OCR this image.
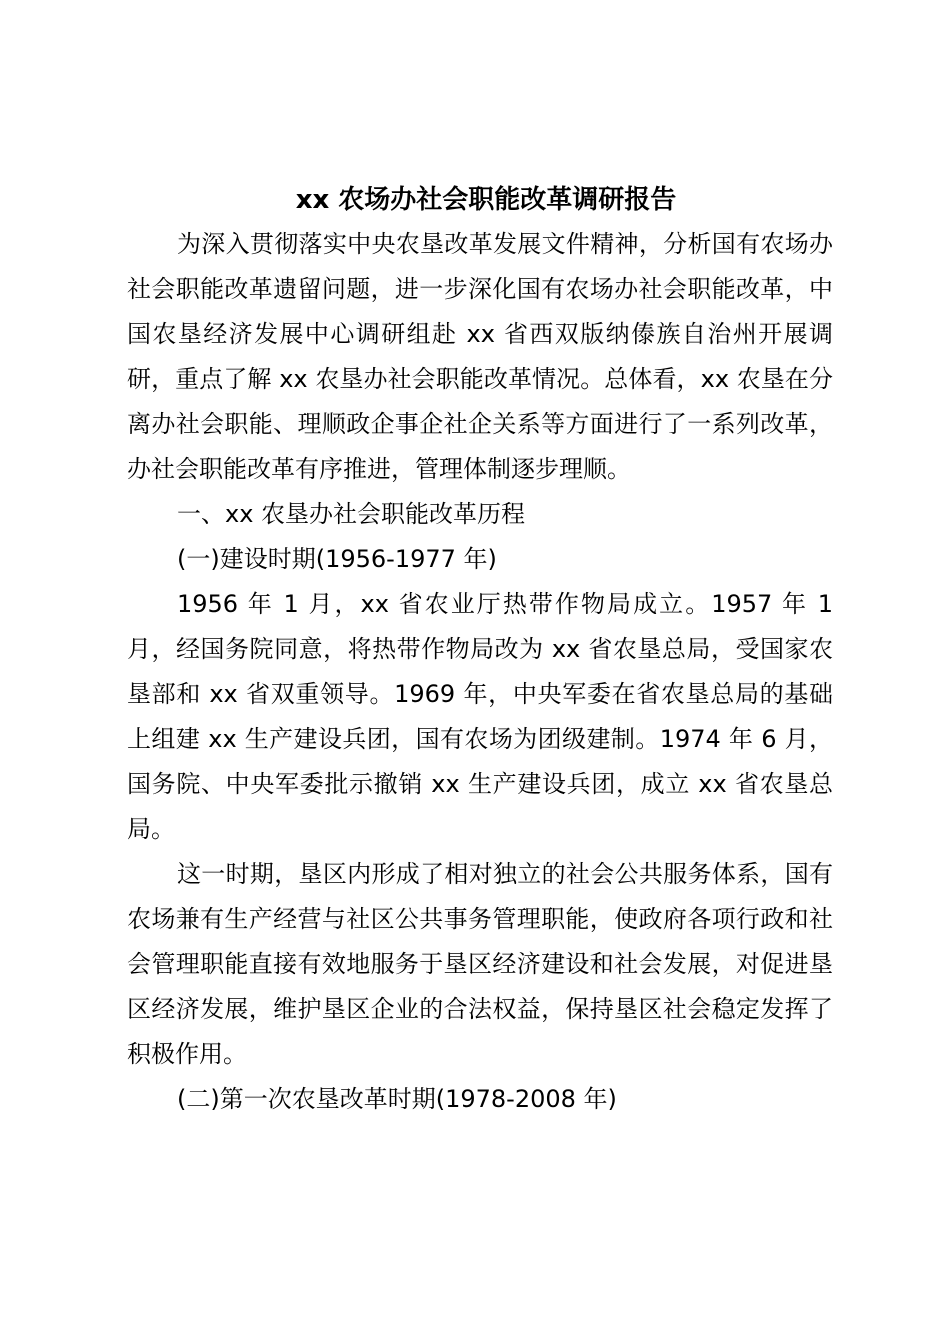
xx 农场办社会职能改革调研报告

为深入贯彻落实中央农垦改革发展文件精神，分析国有农场办社会职能改革遗留问题，进一步深化国有农场办社会职能改革，中国农垦经济发展中心调研组赴 xx 省西双版纳傣族自治州开展调研，重点了解 xx 农垦办社会职能改革情况。总体看，xx 农垦在分离办社会职能、理顺政企事企社企关系等方面进行了一系列改革，办社会职能改革有序推进，管理体制逐步理顺。

一、xx 农垦办社会职能改革历程

(一)建设时期(1956-1977 年)

1956 年 1 月，xx 省农业厅热带作物局成立。1957 年 1 月，经国务院同意，将热带作物局改为 xx 省农垦总局，受国家农垦部和 xx 省双重领导。1969 年，中央军委在省农垦总局的基础上组建 xx 生产建设兵团，国有农场为团级建制。1974 年 6 月，国务院、中央军委批示撤销 xx 生产建设兵团，成立 xx 省农垦总局。

这一时期，垦区内形成了相对独立的社会公共服务体系，国有农场兼有生产经营与社区公共事务管理职能，使政府各项行政和社会管理职能直接有效地服务于垦区经济建设和社会发展，对促进垦区经济发展，维护垦区企业的合法权益，保持垦区社会稳定发挥了积极作用。

(二)第一次农垦改革时期(1978-2008 年)
